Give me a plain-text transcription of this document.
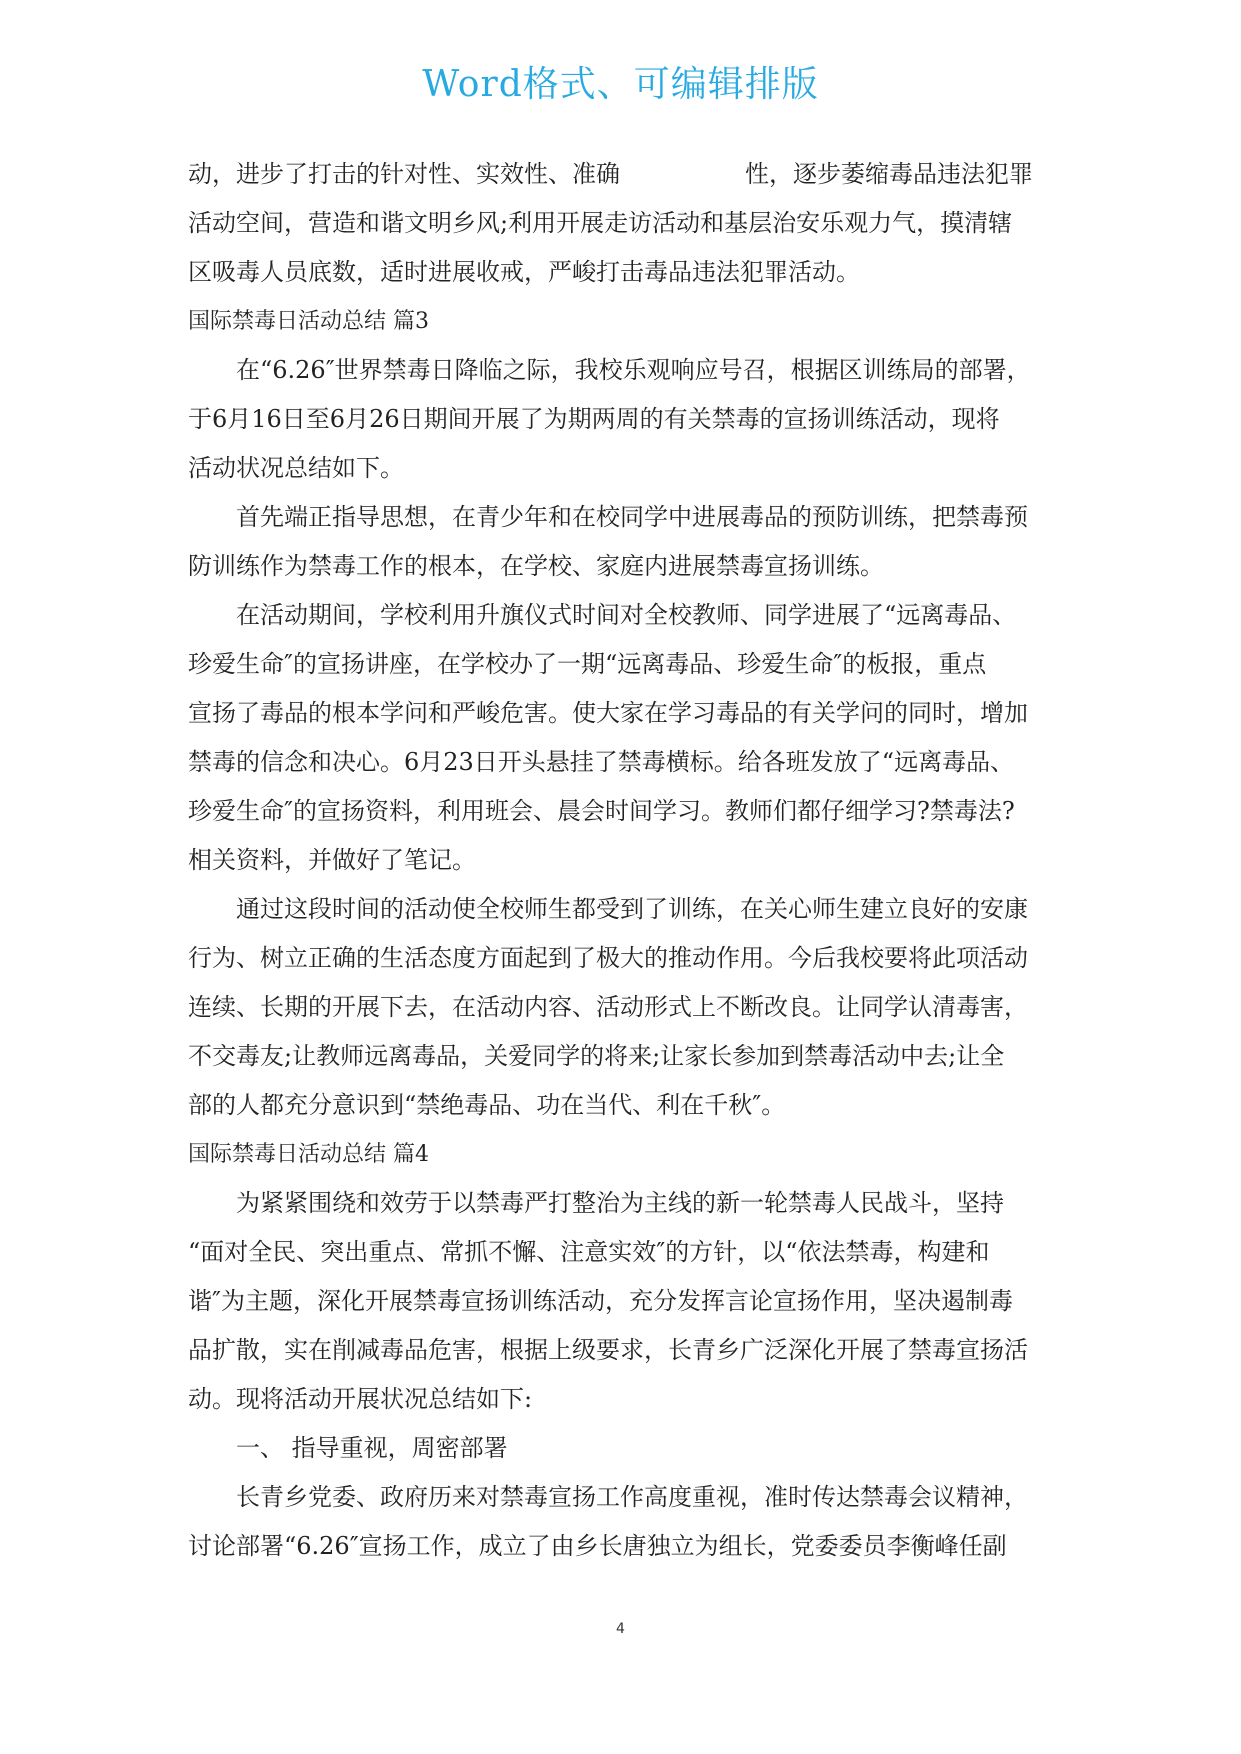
Word格式、可编辑排版
动，进步了打击的针对性、实效性、准确	性，逐步萎缩毒品违法犯罪
活动空间，营造和谐文明乡风;利用开展走访活动和基层治安乐观力气，摸清辖
区吸毒人员底数，适时进展收戒，严峻打击毒品违法犯罪活动。
国际禁毒日活动总结 篇3
在“6.26″世界禁毒日降临之际，我校乐观响应号召，根据区训练局的部署，
于6月16日至6月26日期间开展了为期两周的有关禁毒的宣扬训练活动，现将
活动状况总结如下。
首先端正指导思想，在青少年和在校同学中进展毒品的预防训练，把禁毒预
防训练作为禁毒工作的根本，在学校、家庭内进展禁毒宣扬训练。
在活动期间，学校利用升旗仪式时间对全校教师、同学进展了“远离毒品、
珍爱生命″的宣扬讲座，在学校办了一期“远离毒品、珍爱生命″的板报，重点
宣扬了毒品的根本学问和严峻危害。使大家在学习毒品的有关学问的同时，增加
禁毒的信念和决心。6月23日开头悬挂了禁毒横标。给各班发放了“远离毒品、
珍爱生命″的宣扬资料，利用班会、晨会时间学习。教师们都仔细学习?禁毒法?
相关资料，并做好了笔记。
通过这段时间的活动使全校师生都受到了训练，在关心师生建立良好的安康
行为、树立正确的生活态度方面起到了极大的推动作用。今后我校要将此项活动
连续、长期的开展下去，在活动内容、活动形式上不断改良。让同学认清毒害，
不交毒友;让教师远离毒品，关爱同学的将来;让家长参加到禁毒活动中去;让全
部的人都充分意识到“禁绝毒品、功在当代、利在千秋″。
国际禁毒日活动总结 篇4
为紧紧围绕和效劳于以禁毒严打整治为主线的新一轮禁毒人民战斗，坚持
“面对全民、突出重点、常抓不懈、注意实效″的方针，以“依法禁毒，构建和
谐″为主题，深化开展禁毒宣扬训练活动，充分发挥言论宣扬作用，坚决遏制毒
品扩散，实在削减毒品危害，根据上级要求，长青乡广泛深化开展了禁毒宣扬活
动。现将活动开展状况总结如下:
一、 指导重视，周密部署
长青乡党委、政府历来对禁毒宣扬工作高度重视，准时传达禁毒会议精神，
讨论部署“6.26″宣扬工作，成立了由乡长唐独立为组长，党委委员李衡峰任副
4
